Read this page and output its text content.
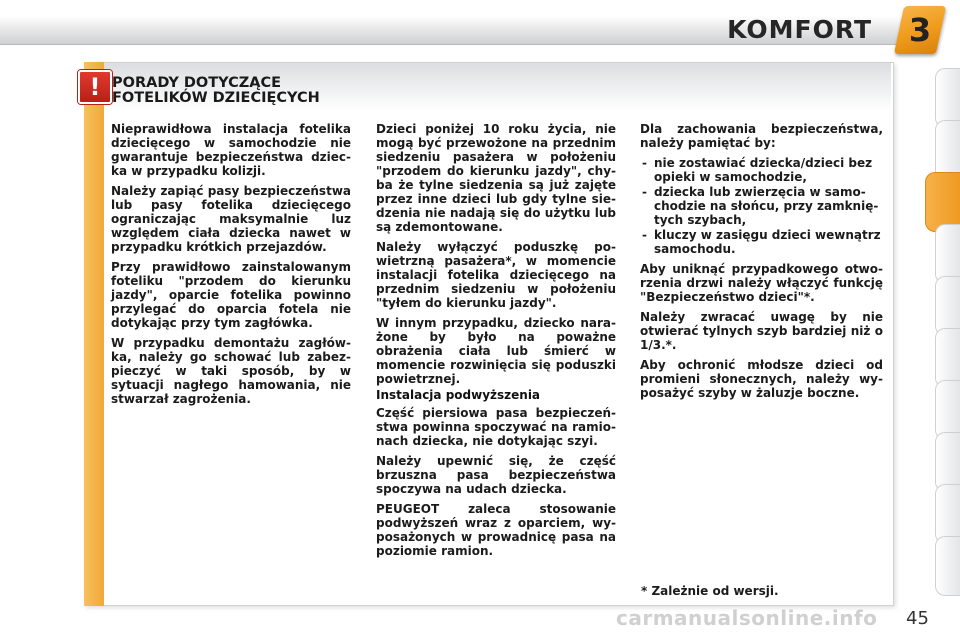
KOMFORT	3
! PORADY DOTYCZĄCE
FOTELIKÓW DZIECIĘCYCH

Nieprawidłowa instalacja fotelika dziecięcego w samochodzie nie gwarantuje bezpieczeństwa dziecka w przypadku kolizji.

Należy zapiąć pasy bezpieczeństwa lub pasy fotelika dziecięcego ograniczając maksymalnie luz względem ciała dziecka nawet w przypadku krótkich przejazdów.

Przy prawidłowo zainstalowanym foteliku "przodem do kierunku jazdy", oparcie fotelika powinno przylegać do oparcia fotela nie dotykając przy tym zagłówka.

W przypadku demontażu zagłówka, należy go schować lub zabezpieczyć w taki sposób, by w sytuacji nagłego hamowania, nie stwarzał zagrożenia.

Dzieci poniżej 10 roku życia, nie mogą być przewożone na przednim siedzeniu pasażera w położeniu "przodem do kierunku jazdy", chyba że tylne siedzenia są już zajęte przez inne dzieci lub gdy tylne siedzenia nie nadają się do użytku lub są zdemontowane.

Należy wyłączyć poduszkę powietrzną pasażera*, w momencie instalacji fotelika dziecięcego na przednim siedzeniu w położeniu "tyłem do kierunku jazdy".

W innym przypadku, dziecko narażone by było na poważne obrażenia ciała lub śmierć w momencie rozwinięcia się poduszki powietrznej.

Instalacja podwyższenia

Część piersiowa pasa bezpieczeństwa powinna spoczywać na ramionach dziecka, nie dotykając szyi.

Należy upewnić się, że część brzuszna pasa bezpieczeństwa spoczywa na udach dziecka.

PEUGEOT zaleca stosowanie podwyższeń wraz z oparciem, wyposażonych w prowadnicę pasa na poziomie ramion.

Dla zachowania bezpieczeństwa, należy pamiętać by:

- nie zostawiać dziecka/dzieci bez opieki w samochodzie,
- dziecka lub zwierzęcia w samochodzie na słońcu, przy zamkniętych szybach,
- kluczy w zasięgu dzieci wewnątrz samochodu.

Aby uniknąć przypadkowego otworzenia drzwi należy włączyć funkcję "Bezpieczeństwo dzieci"*.

Należy zwracać uwagę by nie otwierać tylnych szyb bardziej niż o 1/3.*.

Aby ochronić młodsze dzieci od promieni słonecznych, należy wyposażyć szyby w żaluzje boczne.

* Zależnie od wersji.
carmanualsonline.info 45
